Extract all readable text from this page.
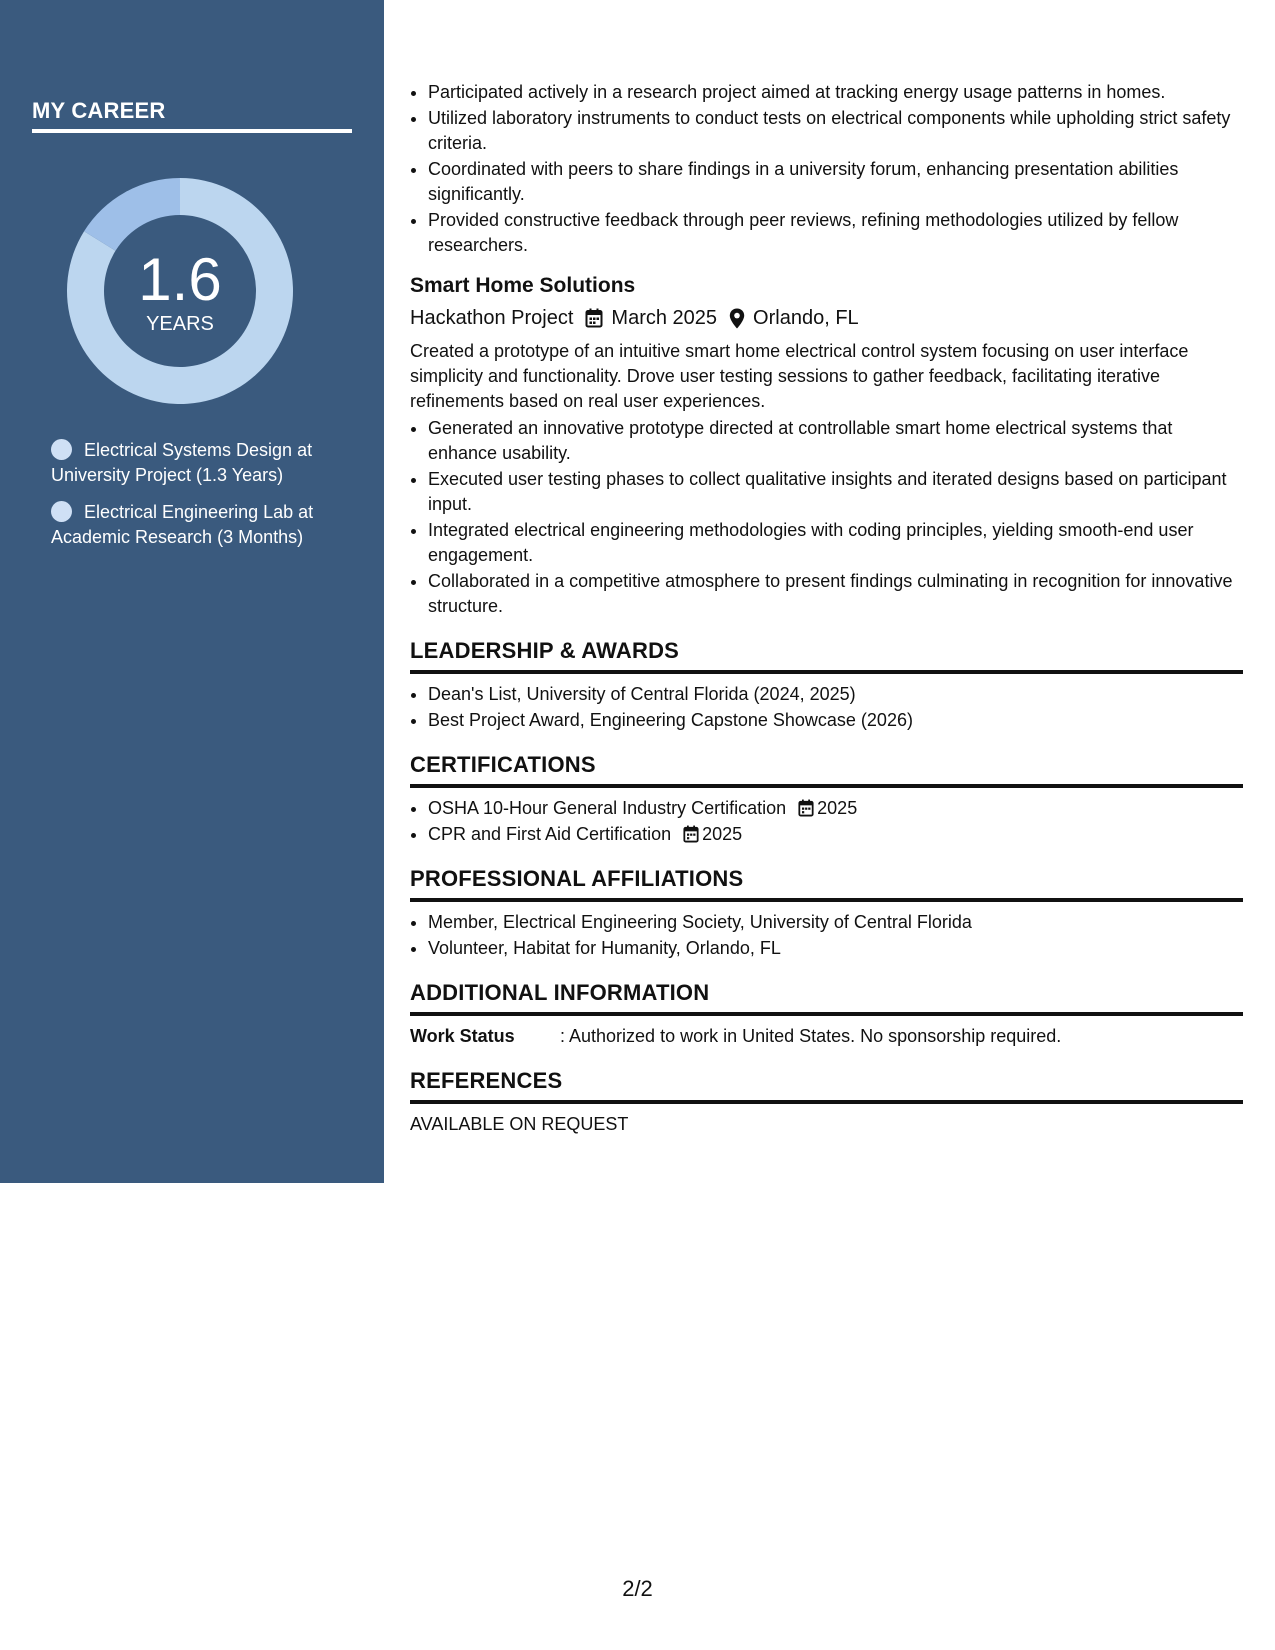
MY CAREER
1.6
YEARS
Electrical Systems Design at University Project (1.3 Years)
Electrical Engineering Lab at Academic Research (3 Months)
• Participated actively in a research project aimed at tracking energy usage patterns in homes.
• Utilized laboratory instruments to conduct tests on electrical components while upholding strict safety criteria.
• Coordinated with peers to share findings in a university forum, enhancing presentation abilities significantly.
• Provided constructive feedback through peer reviews, refining methodologies utilized by fellow researchers.
Smart Home Solutions
Hackathon Project March 2025 Orlando, FL
Created a prototype of an intuitive smart home electrical control system focusing on user interface simplicity and functionality. Drove user testing sessions to gather feedback, facilitating iterative refinements based on real user experiences.
• Generated an innovative prototype directed at controllable smart home electrical systems that enhance usability.
• Executed user testing phases to collect qualitative insights and iterated designs based on participant input.
• Integrated electrical engineering methodologies with coding principles, yielding smooth-end user engagement.
• Collaborated in a competitive atmosphere to present findings culminating in recognition for innovative structure.
LEADERSHIP & AWARDS
• Dean's List, University of Central Florida (2024, 2025)
• Best Project Award, Engineering Capstone Showcase (2026)
CERTIFICATIONS
• OSHA 10-Hour General Industry Certification 2025
• CPR and First Aid Certification 2025
PROFESSIONAL AFFILIATIONS
• Member, Electrical Engineering Society, University of Central Florida
• Volunteer, Habitat for Humanity, Orlando, FL
ADDITIONAL INFORMATION
Work Status	: Authorized to work in United States. No sponsorship required.
REFERENCES
AVAILABLE ON REQUEST
2/2
